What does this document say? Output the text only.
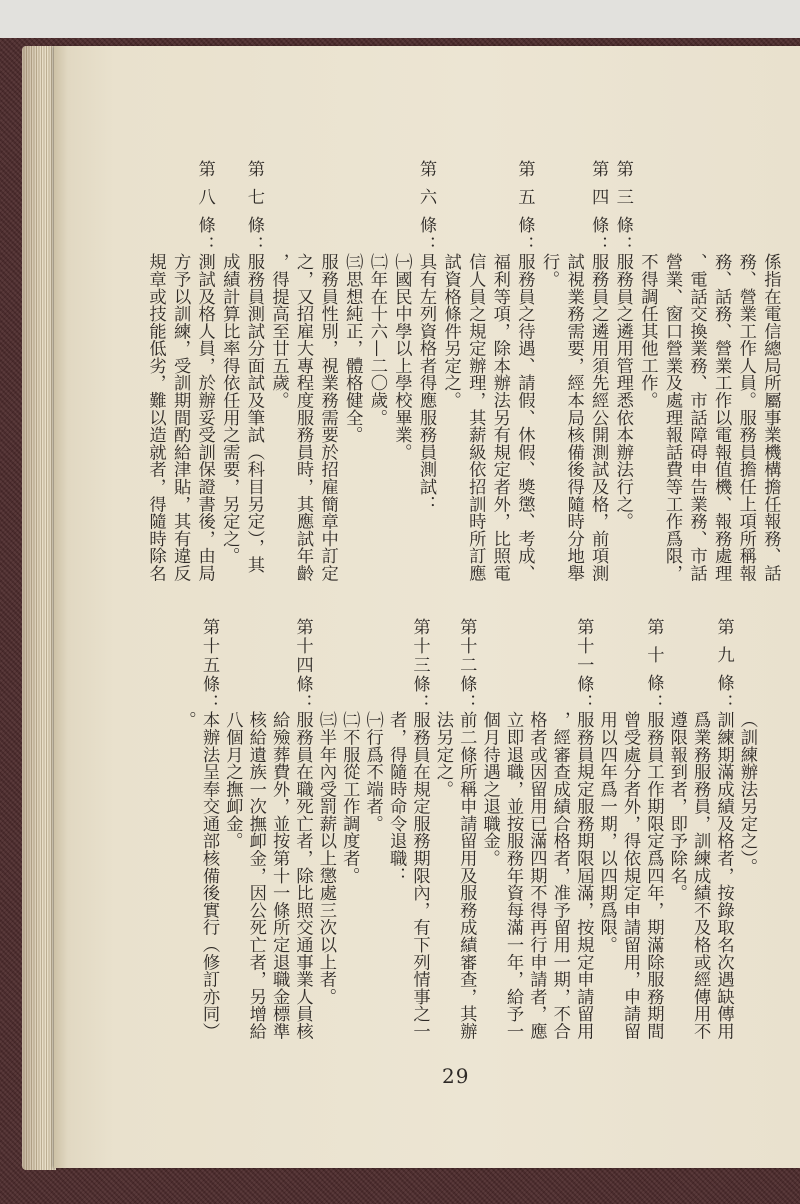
係指在電信總局所屬事業機構擔任報務、話
務、營業工作人員。服務員擔任上項所稱報
務、話務、營業工作以電報值機、報務處理
、電話交換業務、市話障碍申告業務、市話
營業、窗口營業及處理報話費等工作爲限，
不得調任其他工作。
第 三 條：
服務員之遴用管理悉依本辦法行之。
第 四 條：
服務員之遴用須先經公開測試及格，前項測
試視業務需要，經本局核備後得隨時分地舉
行。
第 五 條：
服務員之待遇、請假、休假、獎懲、考成、
福利等項，除本辦法另有規定者外，比照電
信人員之規定辦理，其薪級依招訓時所訂應
試資格條件另定之。
第 六 條：
具有左列資格者得應服務員測試：
㈠國民中學以上學校畢業。
㈡年在十六—二〇歲。
㈢思想純正，體格健全。
服務員性別，視業務需要於招雇簡章中訂定
之，又招雇大專程度服務員時，其應試年齡
，得提高至廿五歲。
第 七 條：
服務員測試分面試及筆試（科目另定），其
成績計算比率得依任用之需要，另定之。
第 八 條：
測試及格人員，於辦妥受訓保證書後，由局
方予以訓練，受訓期間酌給津貼，其有違反
規章或技能低劣，難以造就者，得隨時除名
（訓練辦法另定之）。
第 九 條：
訓練期滿成績及格者，按錄取名次遇缺傳用
爲業務服務員，訓練成績不及格或經傳用不
遵限報到者，即予除名。
第 十 條：
服務員工作期限定爲四年，期滿除服務期間
曾受處分者外，得依規定申請留用，申請留
用以四年爲一期，以四期爲限。
第十一條：
服務員規定服務期限屆滿，按規定申請留用
，經審查成績合格者，准予留用一期，不合
格者或因留用已滿四期不得再行申請者，應
立即退職，並按服務年資每滿一年，給予一
個月待遇之退職金。
第十二條：
前二條所稱申請留用及服務成績審查，其辦
法另定之。
第十三條：
服務員在規定服務期限內，有下列情事之一
者，得隨時命令退職：
㈠行爲不端者。
㈡不服從工作調度者。
㈢半年內受罰薪以上懲處三次以上者。
第十四條：
服務員在職死亡者，除比照交通事業人員核
給殮葬費外，並按第十一條所定退職金標準
核給遺族一次撫卹金，因公死亡者，另增給
八個月之撫卹金。
第十五條：
本辦法呈奉交通部核備後實行（修訂亦同）
。
29
